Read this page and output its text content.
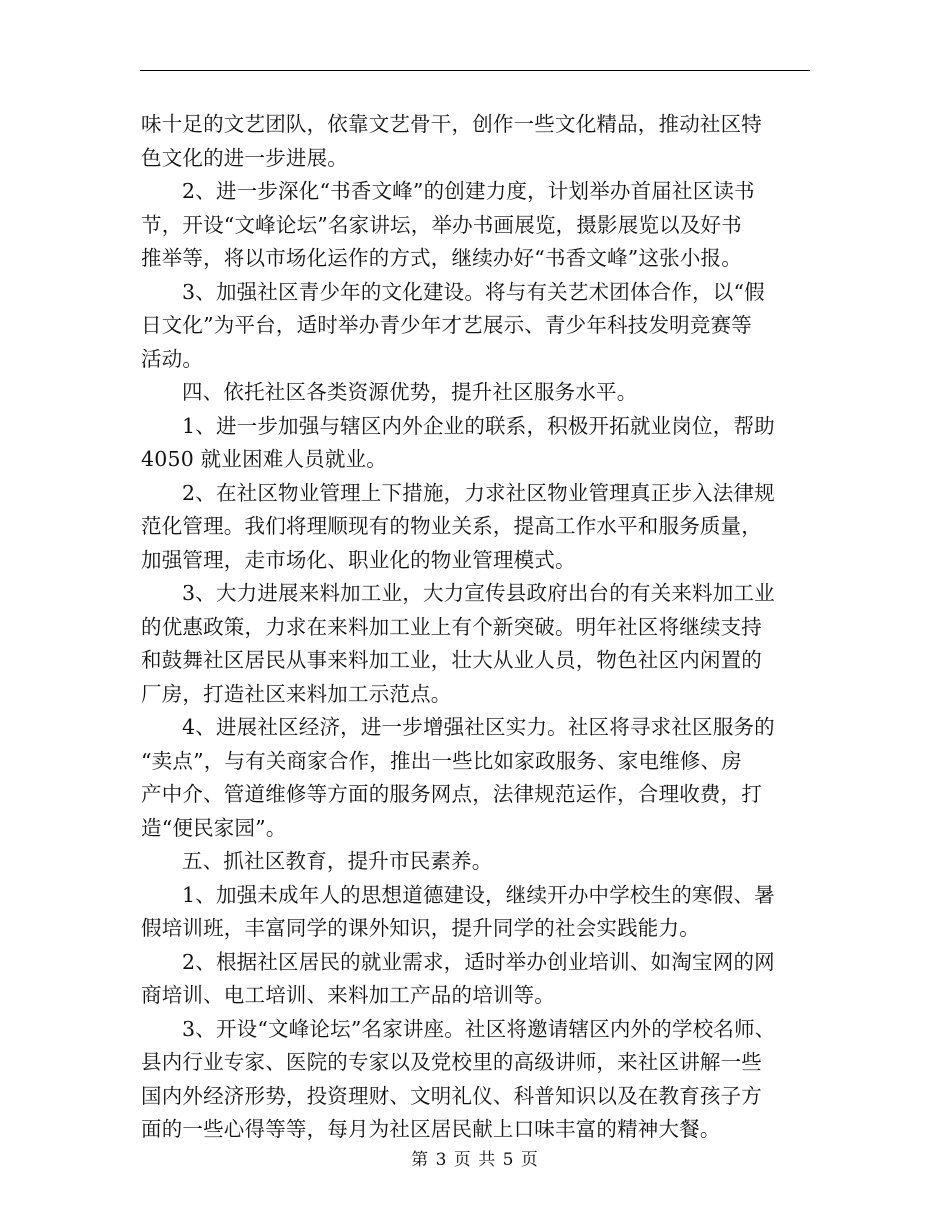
味十足的文艺团队，依靠文艺骨干，创作一些文化精品，推动社区特
色文化的进一步进展。

2、进一步深化“书香文峰”的创建力度，计划举办首届社区读书
节，开设“文峰论坛”名家讲坛，举办书画展览，摄影展览以及好书
推举等，将以市场化运作的方式，继续办好“书香文峰”这张小报。

3、加强社区青少年的文化建设。将与有关艺术团体合作，以“假
日文化”为平台，适时举办青少年才艺展示、青少年科技发明竞赛等
活动。

四、依托社区各类资源优势，提升社区服务水平。

1、进一步加强与辖区内外企业的联系，积极开拓就业岗位，帮助
4050 就业困难人员就业。

2、在社区物业管理上下措施，力求社区物业管理真正步入法律规
范化管理。我们将理顺现有的物业关系，提高工作水平和服务质量，
加强管理，走市场化、职业化的物业管理模式。

3、大力进展来料加工业，大力宣传县政府出台的有关来料加工业
的优惠政策，力求在来料加工业上有个新突破。明年社区将继续支持
和鼓舞社区居民从事来料加工业，壮大从业人员，物色社区内闲置的
厂房，打造社区来料加工示范点。

4、进展社区经济，进一步增强社区实力。社区将寻求社区服务的
“卖点”，与有关商家合作，推出一些比如家政服务、家电维修、房
产中介、管道维修等方面的服务网点，法律规范运作，合理收费，打
造“便民家园”。

五、抓社区教育，提升市民素养。

1、加强未成年人的思想道德建设，继续开办中学校生的寒假、暑
假培训班，丰富同学的课外知识，提升同学的社会实践能力。

2、根据社区居民的就业需求，适时举办创业培训、如淘宝网的网
商培训、电工培训、来料加工产品的培训等。

3、开设“文峰论坛”名家讲座。社区将邀请辖区内外的学校名师、
县内行业专家、医院的专家以及党校里的高级讲师，来社区讲解一些
国内外经济形势，投资理财、文明礼仪、科普知识以及在教育孩子方
面的一些心得等等，每月为社区居民献上口味丰富的精神大餐。

第 3 页 共 5 页
